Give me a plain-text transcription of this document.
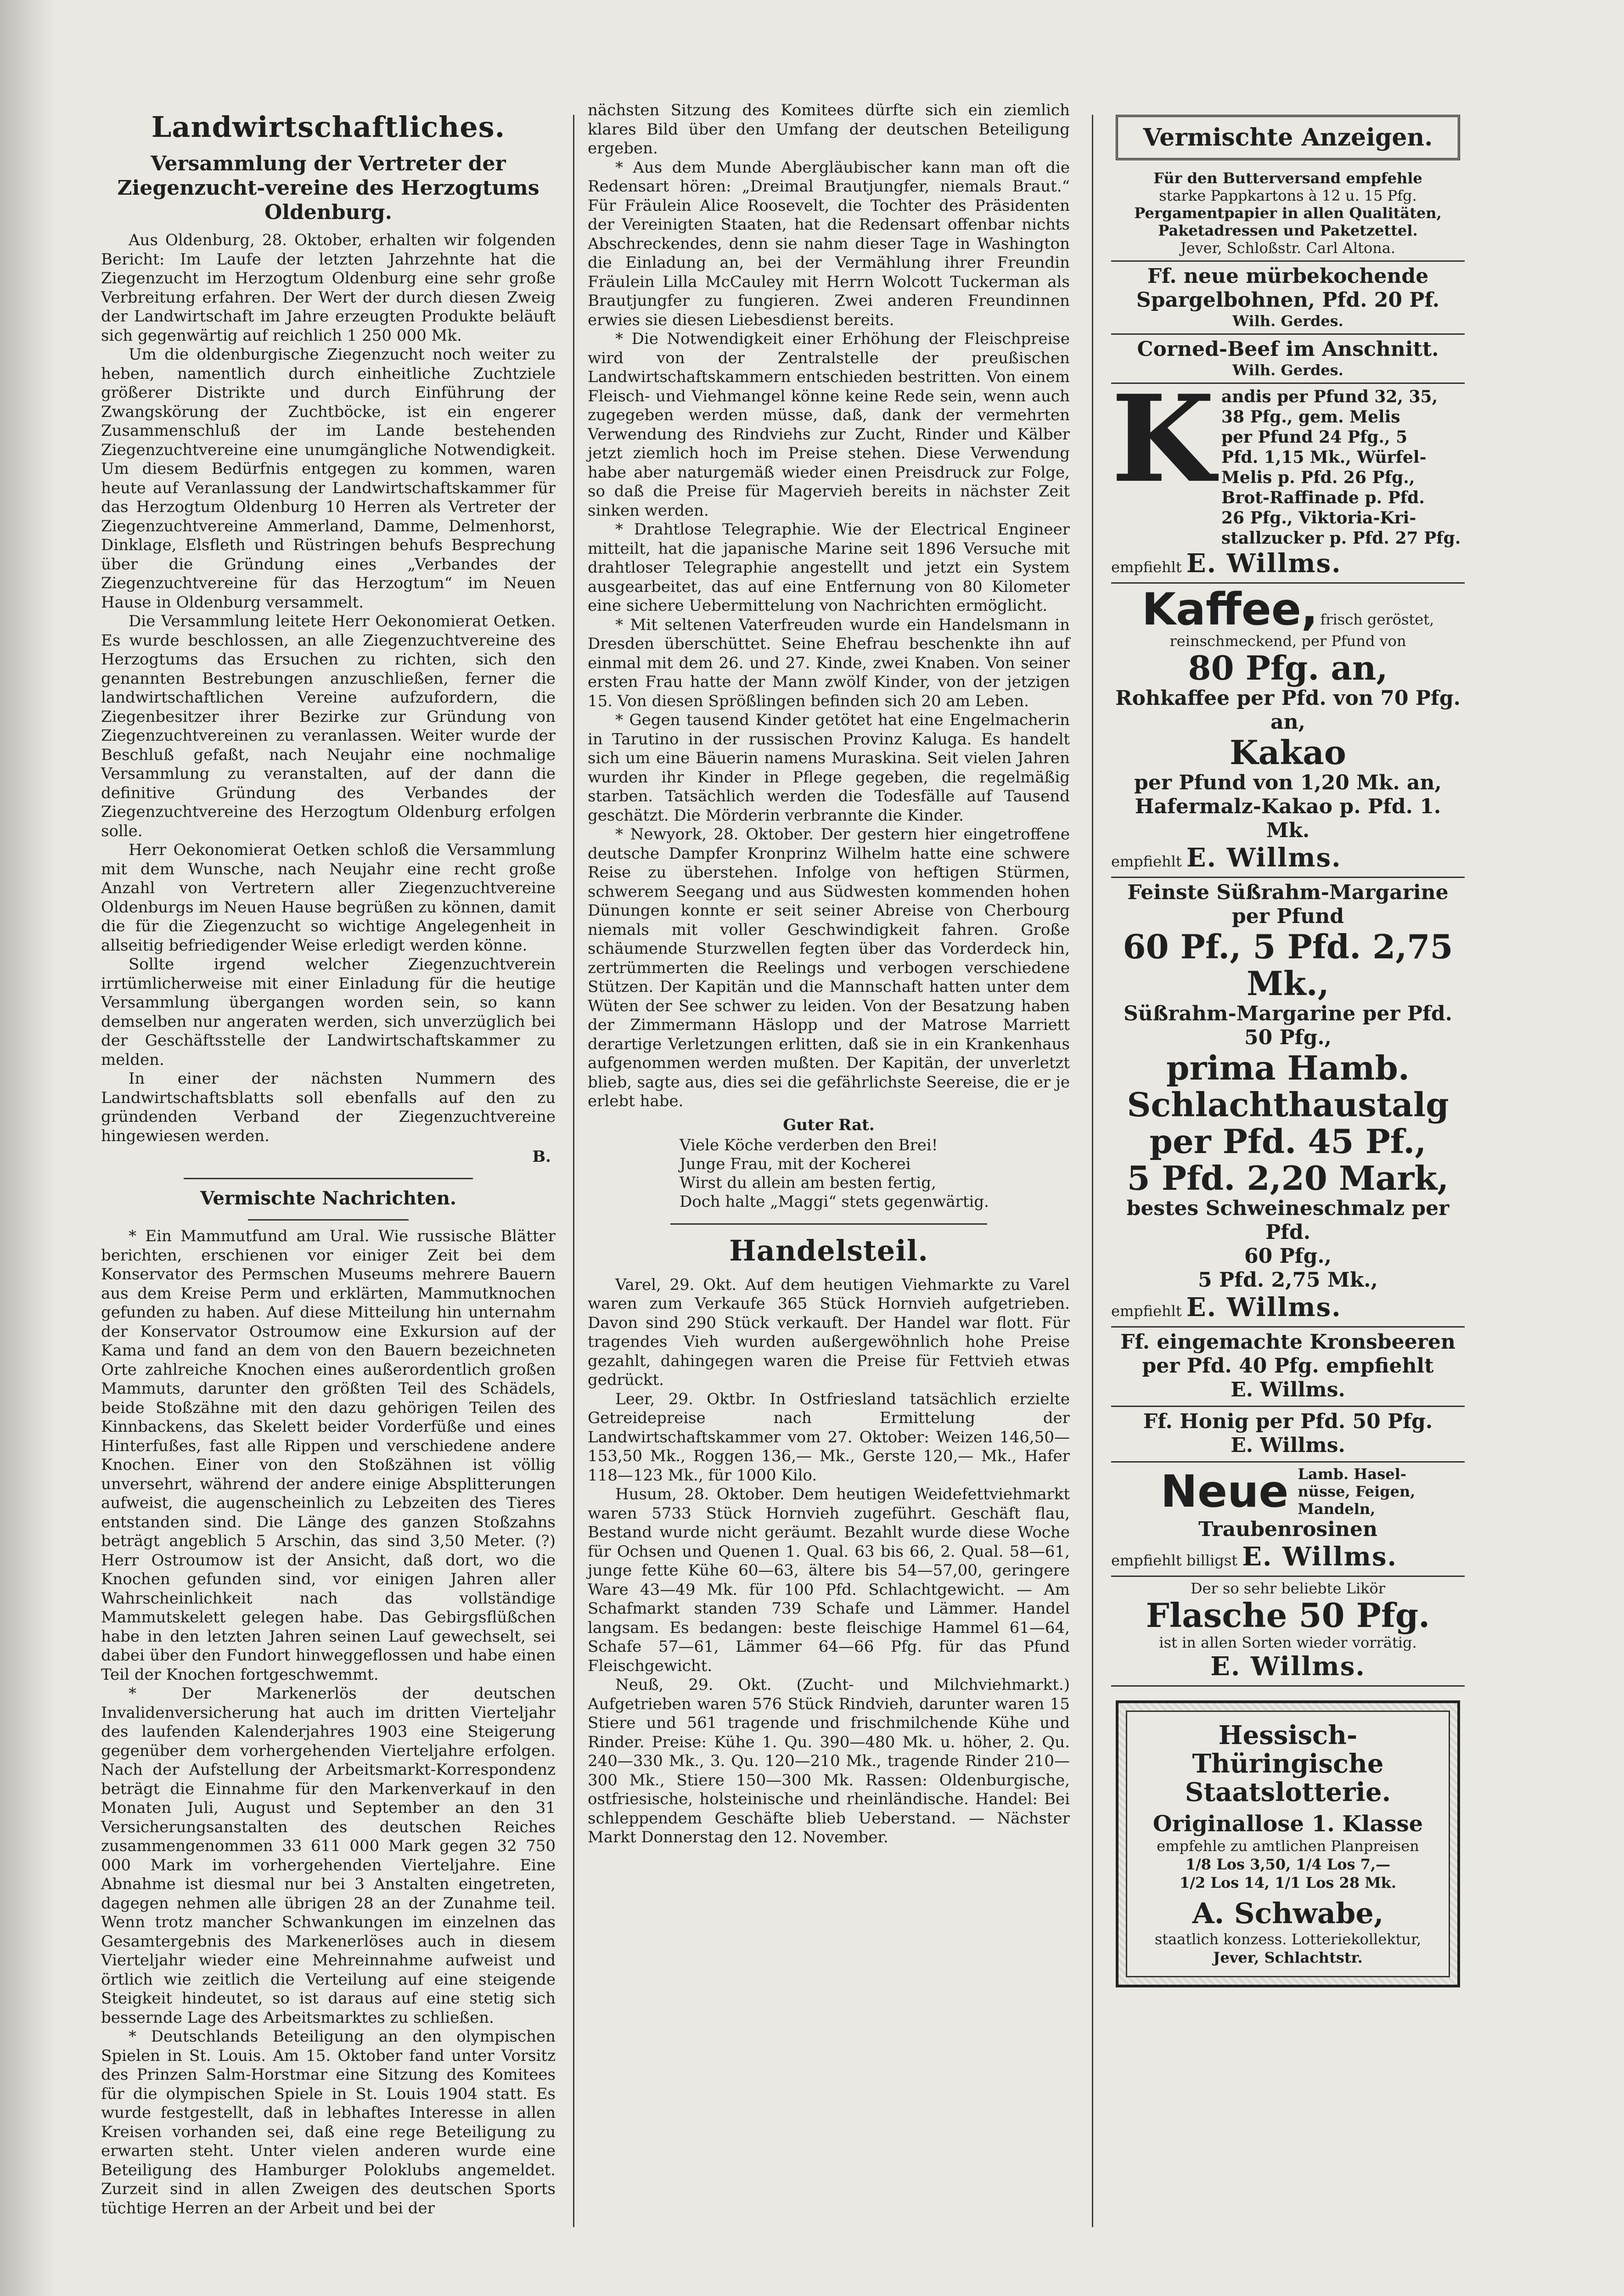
Landwirtschaftliches.
Versammlung der Vertreter der Ziegenzucht-vereine des Herzogtums Oldenburg.

Aus Oldenburg, 28. Oktober, erhalten wir folgenden Bericht: Im Laufe der letzten Jahrzehnte hat die Ziegenzucht im Herzogtum Oldenburg eine sehr große Verbreitung erfahren. Der Wert der durch diesen Zweig der Landwirtschaft im Jahre erzeugten Produkte beläuft sich gegenwärtig auf reichlich 1 250 000 Mk.

Um die oldenburgische Ziegenzucht noch weiter zu heben, namentlich durch einheitliche Zuchtziele größerer Distrikte und durch Einführung der Zwangskörung der Zuchtböcke, ist ein engerer Zusammenschluß der im Lande bestehenden Ziegenzuchtvereine eine unumgängliche Notwendigkeit. Um diesem Bedürfnis entgegen zu kommen, waren heute auf Veranlassung der Landwirtschaftskammer für das Herzogtum Oldenburg 10 Herren als Vertreter der Ziegenzuchtvereine Ammerland, Damme, Delmenhorst, Dinklage, Elsfleth und Rüstringen behufs Besprechung über die Gründung eines „Verbandes der Ziegenzuchtvereine für das Herzogtum“ im Neuen Hause in Oldenburg versammelt.

Die Versammlung leitete Herr Oekonomierat Oetken. Es wurde beschlossen, an alle Ziegenzuchtvereine des Herzogtums das Ersuchen zu richten, sich den genannten Bestrebungen anzuschließen, ferner die landwirtschaftlichen Vereine aufzufordern, die Ziegenbesitzer ihrer Bezirke zur Gründung von Ziegenzuchtvereinen zu veranlassen. Weiter wurde der Beschluß gefaßt, nach Neujahr eine nochmalige Versammlung zu veranstalten, auf der dann die definitive Gründung des Verbandes der Ziegenzuchtvereine des Herzogtum Oldenburg erfolgen solle.

Herr Oekonomierat Oetken schloß die Versammlung mit dem Wunsche, nach Neujahr eine recht große Anzahl von Vertretern aller Ziegenzuchtvereine Oldenburgs im Neuen Hause begrüßen zu können, damit die für die Ziegenzucht so wichtige Angelegenheit in allseitig befriedigender Weise erledigt werden könne.

Sollte irgend welcher Ziegenzuchtverein irrtümlicherweise mit einer Einladung für die heutige Versammlung übergangen worden sein, so kann demselben nur angeraten werden, sich unverzüglich bei der Geschäftsstelle der Landwirtschaftskammer zu melden.

In einer der nächsten Nummern des Landwirtschaftsblatts soll ebenfalls auf den zu gründenden Verband der Ziegenzuchtvereine hingewiesen werden.

B.
Vermischte Nachrichten.

* Ein Mammutfund am Ural. Wie russische Blätter berichten, erschienen vor einiger Zeit bei dem Konservator des Permschen Museums mehrere Bauern aus dem Kreise Perm und erklärten, Mammutknochen gefunden zu haben. Auf diese Mitteilung hin unternahm der Konservator Ostroumow eine Exkursion auf der Kama und fand an dem von den Bauern bezeichneten Orte zahlreiche Knochen eines außerordentlich großen Mammuts, darunter den größten Teil des Schädels, beide Stoßzähne mit den dazu gehörigen Teilen des Kinnbackens, das Skelett beider Vorderfüße und eines Hinterfußes, fast alle Rippen und verschiedene andere Knochen. Einer von den Stoßzähnen ist völlig unversehrt, während der andere einige Absplitterungen aufweist, die augenscheinlich zu Lebzeiten des Tieres entstanden sind. Die Länge des ganzen Stoßzahns beträgt angeblich 5 Arschin, das sind 3,50 Meter. (?) Herr Ostroumow ist der Ansicht, daß dort, wo die Knochen gefunden sind, vor einigen Jahren aller Wahrscheinlichkeit nach das vollständige Mammutskelett gelegen habe. Das Gebirgsflüßchen habe in den letzten Jahren seinen Lauf gewechselt, sei dabei über den Fundort hinweggeflossen und habe einen Teil der Knochen fortgeschwemmt.

* Der Markenerlös der deutschen Invalidenversicherung hat auch im dritten Vierteljahr des laufenden Kalenderjahres 1903 eine Steigerung gegenüber dem vorhergehenden Vierteljahre erfolgen. Nach der Aufstellung der Arbeitsmarkt-Korrespondenz beträgt die Einnahme für den Markenverkauf in den Monaten Juli, August und September an den 31 Versicherungsanstalten des deutschen Reiches zusammengenommen 33 611 000 Mark gegen 32 750 000 Mark im vorhergehenden Vierteljahre. Eine Abnahme ist diesmal nur bei 3 Anstalten eingetreten, dagegen nehmen alle übrigen 28 an der Zunahme teil. Wenn trotz mancher Schwankungen im einzelnen das Gesamtergebnis des Markenerlöses auch in diesem Vierteljahr wieder eine Mehreinnahme aufweist und örtlich wie zeitlich die Verteilung auf eine steigende Steigkeit hindeutet, so ist daraus auf eine stetig sich bessernde Lage des Arbeitsmarktes zu schließen.

* Deutschlands Beteiligung an den olympischen Spielen in St. Louis. Am 15. Oktober fand unter Vorsitz des Prinzen Salm-Horstmar eine Sitzung des Komitees für die olympischen Spiele in St. Louis 1904 statt. Es wurde festgestellt, daß in lebhaftes Interesse in allen Kreisen vorhanden sei, daß eine rege Beteiligung zu erwarten steht. Unter vielen anderen wurde eine Beteiligung des Hamburger Poloklubs angemeldet. Zurzeit sind in allen Zweigen des deutschen Sports tüchtige Herren an der Arbeit und bei der

nächsten Sitzung des Komitees dürfte sich ein ziemlich klares Bild über den Umfang der deutschen Beteiligung ergeben.

* Aus dem Munde Abergläubischer kann man oft die Redensart hören: „Dreimal Brautjungfer, niemals Braut.“ Für Fräulein Alice Roosevelt, die Tochter des Präsidenten der Vereinigten Staaten, hat die Redensart offenbar nichts Abschreckendes, denn sie nahm dieser Tage in Washington die Einladung an, bei der Vermählung ihrer Freundin Fräulein Lilla McCauley mit Herrn Wolcott Tuckerman als Brautjungfer zu fungieren. Zwei anderen Freundinnen erwies sie diesen Liebesdienst bereits.

* Die Notwendigkeit einer Erhöhung der Fleischpreise wird von der Zentralstelle der preußischen Landwirtschaftskammern entschieden bestritten. Von einem Fleisch- und Viehmangel könne keine Rede sein, wenn auch zugegeben werden müsse, daß, dank der vermehrten Verwendung des Rindviehs zur Zucht, Rinder und Kälber jetzt ziemlich hoch im Preise stehen. Diese Verwendung habe aber naturgemäß wieder einen Preisdruck zur Folge, so daß die Preise für Magervieh bereits in nächster Zeit sinken werden.

* Drahtlose Telegraphie. Wie der Electrical Engineer mitteilt, hat die japanische Marine seit 1896 Versuche mit drahtloser Telegraphie angestellt und jetzt ein System ausgearbeitet, das auf eine Entfernung von 80 Kilometer eine sichere Uebermittelung von Nachrichten ermöglicht.

* Mit seltenen Vaterfreuden wurde ein Handelsmann in Dresden überschüttet. Seine Ehefrau beschenkte ihn auf einmal mit dem 26. und 27. Kinde, zwei Knaben. Von seiner ersten Frau hatte der Mann zwölf Kinder, von der jetzigen 15. Von diesen Sprößlingen befinden sich 20 am Leben.

* Gegen tausend Kinder getötet hat eine Engelmacherin in Tarutino in der russischen Provinz Kaluga. Es handelt sich um eine Bäuerin namens Muraskina. Seit vielen Jahren wurden ihr Kinder in Pflege gegeben, die regelmäßig starben. Tatsächlich werden die Todesfälle auf Tausend geschätzt. Die Mörderin verbrannte die Kinder.

* Newyork, 28. Oktober. Der gestern hier eingetroffene deutsche Dampfer Kronprinz Wilhelm hatte eine schwere Reise zu überstehen. Infolge von heftigen Stürmen, schwerem Seegang und aus Südwesten kommenden hohen Dünungen konnte er seit seiner Abreise von Cherbourg niemals mit voller Geschwindigkeit fahren. Große schäumende Sturzwellen fegten über das Vorderdeck hin, zertrümmerten die Reelings und verbogen verschiedene Stützen. Der Kapitän und die Mannschaft hatten unter dem Wüten der See schwer zu leiden. Von der Besatzung haben der Zimmermann Häslopp und der Matrose Marriett derartige Verletzungen erlitten, daß sie in ein Krankenhaus aufgenommen werden mußten. Der Kapitän, der unverletzt blieb, sagte aus, dies sei die gefährlichste Seereise, die er je erlebt habe.

Guter Rat.
Viele Köche verderben den Brei!
Junge Frau, mit der Kocherei
Wirst du allein am besten fertig,
Doch halte „Maggi“ stets gegenwärtig.
Handelsteil.

Varel, 29. Okt. Auf dem heutigen Viehmarkte zu Varel waren zum Verkaufe 365 Stück Hornvieh aufgetrieben. Davon sind 290 Stück verkauft. Der Handel war flott. Für tragendes Vieh wurden außergewöhnlich hohe Preise gezahlt, dahingegen waren die Preise für Fettvieh etwas gedrückt.

Leer, 29. Oktbr. In Ostfriesland tatsächlich erzielte Getreidepreise nach Ermittelung der Landwirtschaftskammer vom 27. Oktober: Weizen 146,50—153,50 Mk., Roggen 136,— Mk., Gerste 120,— Mk., Hafer 118—123 Mk., für 1000 Kilo.

Husum, 28. Oktober. Dem heutigen Weidefettviehmarkt waren 5733 Stück Hornvieh zugeführt. Geschäft flau, Bestand wurde nicht geräumt. Bezahlt wurde diese Woche für Ochsen und Quenen 1. Qual. 63 bis 66, 2. Qual. 58—61, junge fette Kühe 60—63, ältere bis 54—57,00, geringere Ware 43—49 Mk. für 100 Pfd. Schlachtgewicht. — Am Schafmarkt standen 739 Schafe und Lämmer. Handel langsam. Es bedangen: beste fleischige Hammel 61—64, Schafe 57—61, Lämmer 64—66 Pfg. für das Pfund Fleischgewicht.

Neuß, 29. Okt. (Zucht- und Milchviehmarkt.) Aufgetrieben waren 576 Stück Rindvieh, darunter waren 15 Stiere und 561 tragende und frischmilchende Kühe und Rinder. Preise: Kühe 1. Qu. 390—480 Mk. u. höher, 2. Qu. 240—330 Mk., 3. Qu. 120—210 Mk., tragende Rinder 210—300 Mk., Stiere 150—300 Mk. Rassen: Oldenburgische, ostfriesische, holsteinische und rheinländische. Handel: Bei schleppendem Geschäfte blieb Ueberstand. — Nächster Markt Donnerstag den 12. November.

Vermischte Anzeigen.

Für den Butterversand empfehle

starke Pappkartons à 12 u. 15 Pfg.

Pergamentpapier in allen Qualitäten, Paketadressen und Paketzettel.

Jever, Schloßstr. Carl Altona.

Ff. neue mürbekochende

Spargelbohnen, Pfd. 20 Pf.

Wilh. Gerdes.

Corned-Beef im Anschnitt.

Wilh. Gerdes.

K andis per Pfund 32, 35,
38 Pfg., gem. Melis
per Pfund 24 Pfg., 5
Pfd. 1,15 Mk., Würfel-
Melis p. Pfd. 26 Pfg.,
Brot-Raffinade p. Pfd.
26 Pfg., Viktoria-Kri-
stallzucker p. Pfd. 27 Pfg.

empfiehlt E. Willms.

Kaffee, frisch geröstet,

reinschmeckend, per Pfund von

80 Pfg. an,

Rohkaffee per Pfd. von 70 Pfg. an,

Kakao

per Pfund von 1,20 Mk. an,

Hafermalz-Kakao p. Pfd. 1. Mk.

empfiehlt E. Willms.

Feinste Süßrahm-Margarine

per Pfund

60 Pf., 5 Pfd. 2,75 Mk.,

Süßrahm-Margarine per Pfd.

50 Pfg.,

prima Hamb. Schlachthaustalg

per Pfd. 45 Pf.,

5 Pfd. 2,20 Mark,

bestes Schweineschmalz per Pfd.

60 Pfg.,

5 Pfd. 2,75 Mk.,

empfiehlt E. Willms.

Ff. eingemachte Kronsbeeren

per Pfd. 40 Pfg. empfiehlt

E. Willms.

Ff. Honig per Pfd. 50 Pfg.

E. Willms.

Neue Lamb. Hasel-
nüsse, Feigen,
Mandeln,

Traubenrosinen

empfiehlt billigst E. Willms.

Der so sehr beliebte Likör

Flasche 50 Pfg.

ist in allen Sorten wieder vorrätig.

E. Willms.

Hessisch-Thüringische Staatslotterie.
Originallose 1. Klasse
empfehle zu amtlichen Planpreisen
1/8 Los 3,50, 1/4 Los 7,—
1/2 Los 14, 1/1 Los 28 Mk.
A. Schwabe,
staatlich konzess. Lotteriekollektur,
Jever, Schlachtstr.
